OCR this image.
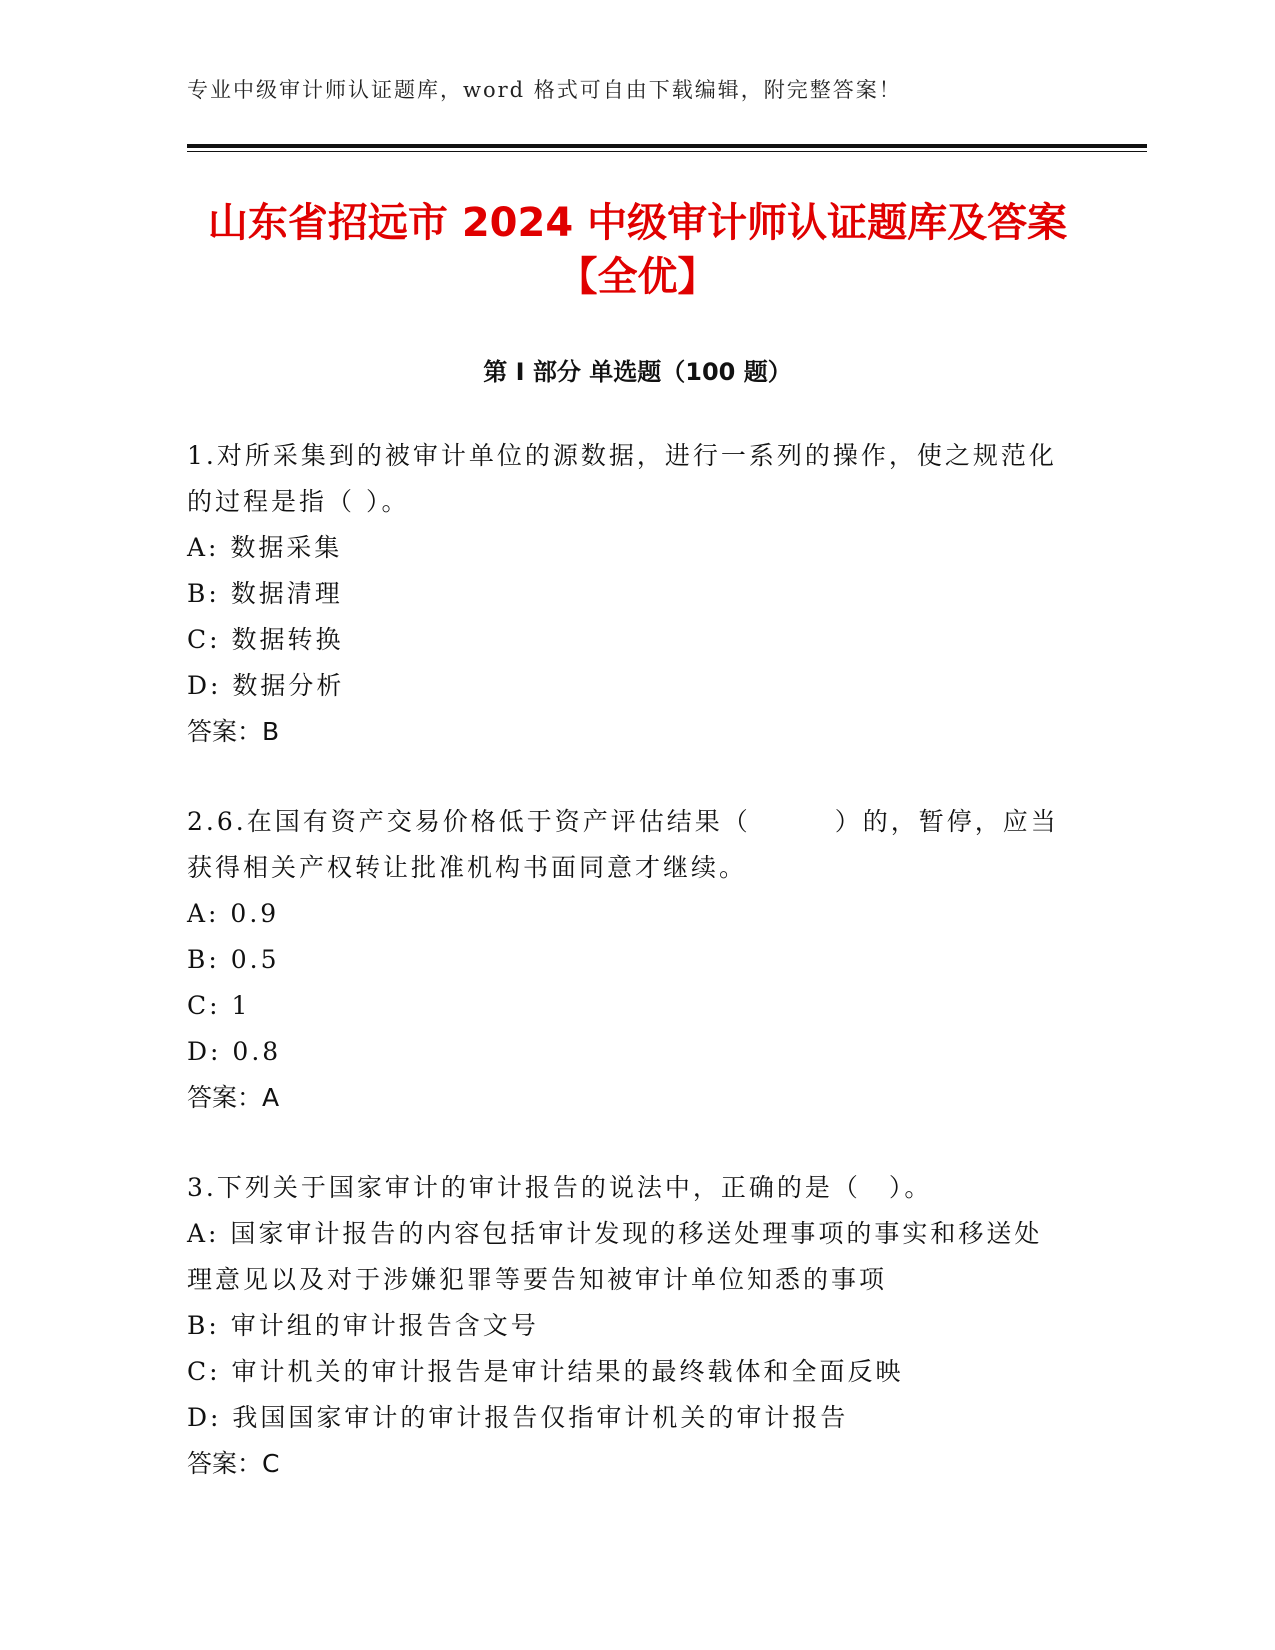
专业中级审计师认证题库，word 格式可自由下载编辑，附完整答案！
山东省招远市 2024 中级审计师认证题库及答案【全优】
第 I 部分 单选题（100 题）

1.对所采集到的被审计单位的源数据，进行一系列的操作，使之规范化的过程是指（ ）。

A: 数据采集

B: 数据清理

C: 数据转换

D: 数据分析

答案：B

2.6.在国有资产交易价格低于资产评估结果（　　　）的，暂停，应当获得相关产权转让批准机构书面同意才继续。

A: 0.9

B: 0.5

C: 1

D: 0.8

答案：A

3.下列关于国家审计的审计报告的说法中，正确的是（　）。

A: 国家审计报告的内容包括审计发现的移送处理事项的事实和移送处理意见以及对于涉嫌犯罪等要告知被审计单位知悉的事项

B: 审计组的审计报告含文号

C: 审计机关的审计报告是审计结果的最终载体和全面反映

D: 我国国家审计的审计报告仅指审计机关的审计报告

答案：C
